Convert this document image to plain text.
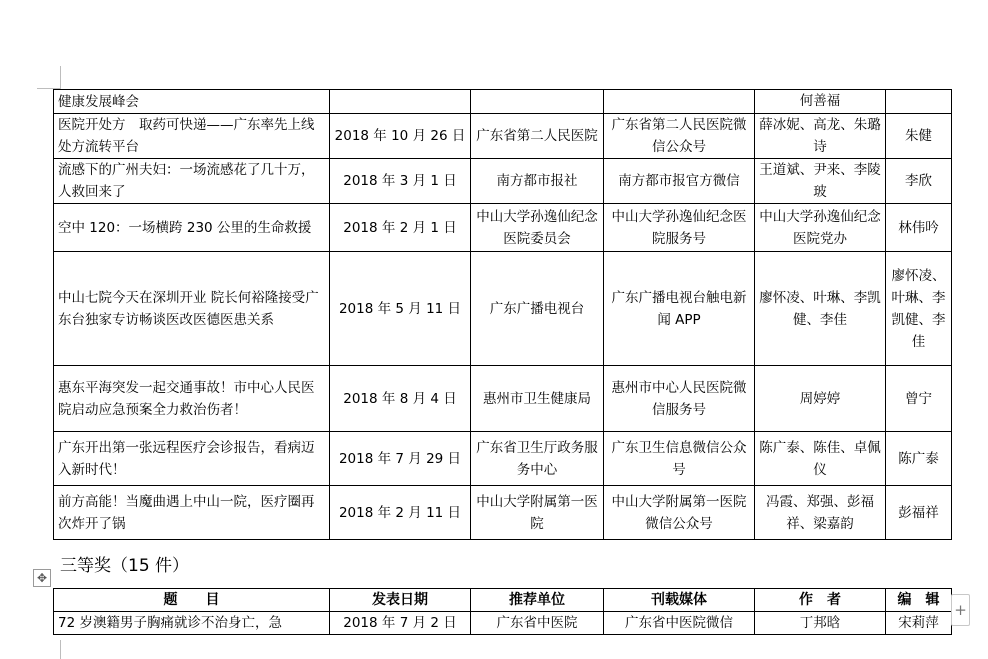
健康发展峰会				何善福	
医院开处方　取药可快递——广东率先上线处方流转平台	2018 年 10 月 26 日	广东省第二人民医院	广东省第二人民医院微信公众号	薛冰妮、高龙、朱璐诗	朱健
流感下的广州夫妇：一场流感花了几十万，人救回来了	2018 年 3 月 1 日	南方都市报社	南方都市报官方微信	王道斌、尹来、李陵玻	李欣
空中 120：一场横跨 230 公里的生命救援	2018 年 2 月 1 日	中山大学孙逸仙纪念医院委员会	中山大学孙逸仙纪念医院服务号	中山大学孙逸仙纪念医院党办	林伟吟
中山七院今天在深圳开业 院长何裕隆接受广东台独家专访畅谈医改医德医患关系	2018 年 5 月 11 日	广东广播电视台	广东广播电视台触电新闻 APP	廖怀凌、叶琳、李凯健、李佳	廖怀凌、叶琳、李凯健、李佳
惠东平海突发一起交通事故！市中心人民医院启动应急预案全力救治伤者！	2018 年 8 月 4 日	惠州市卫生健康局	惠州市中心人民医院微信服务号	周婷婷	曾宁
广东开出第一张远程医疗会诊报告，看病迈入新时代！	2018 年 7 月 29 日	广东省卫生厅政务服务中心	广东卫生信息微信公众号	陈广泰、陈佳、卓佩仪	陈广泰
前方高能！当魔曲遇上中山一院，医疗圈再次炸开了锅	2018 年 2 月 11 日	中山大学附属第一医院	中山大学附属第一医院微信公众号	冯霞、郑强、彭福祥、梁嘉韵	彭福祥
三等奖（15 件）
✥
题　　目	发表日期	推荐单位	刊载媒体	作　者	编　辑
72 岁澳籍男子胸痛就诊不治身亡，急	2018 年 7 月 2 日	广东省中医院	广东省中医院微信	丁邦晗	宋莉萍
+
